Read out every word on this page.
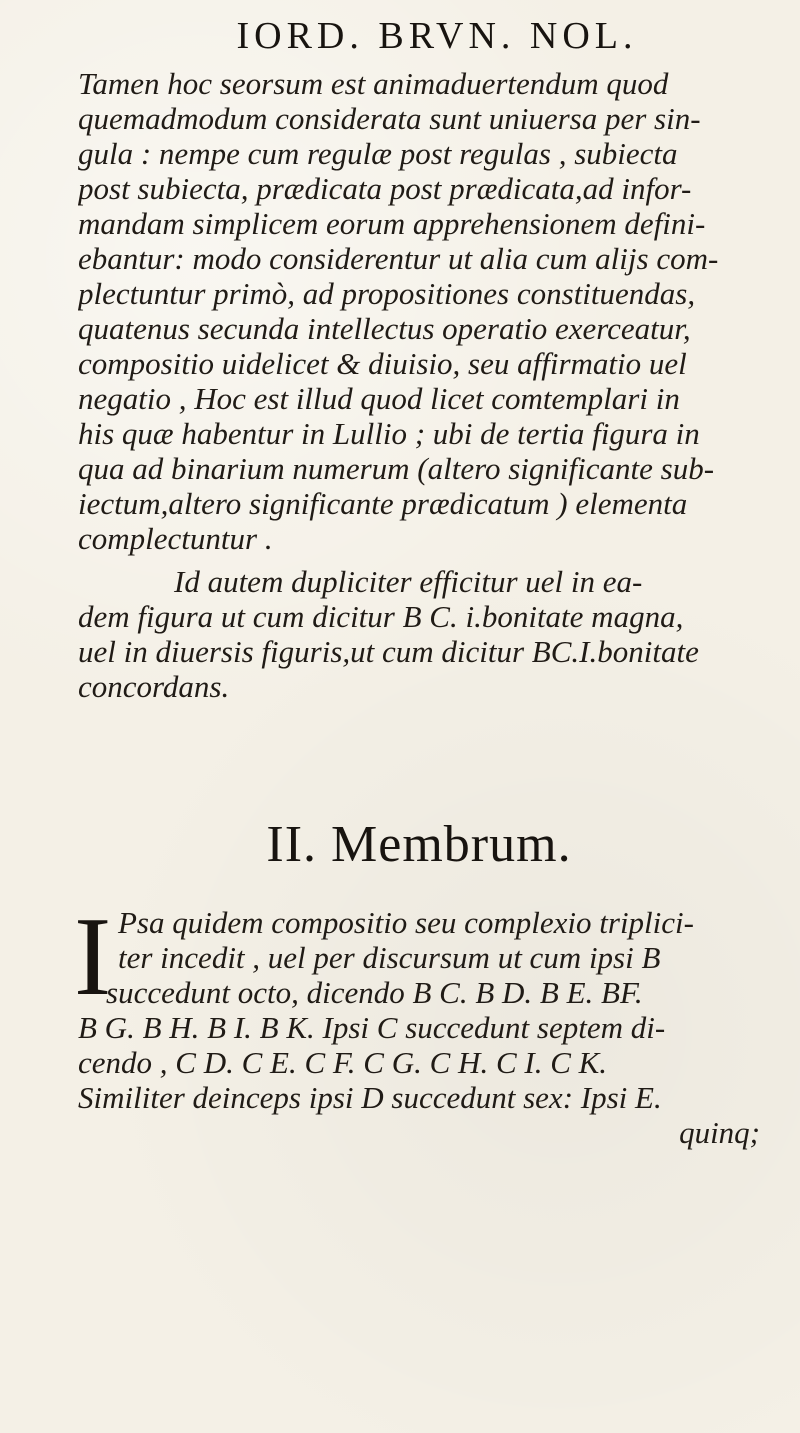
IORD. BRVN. NOL.
Tamen hoc seorsum est animaduertendum quod
quemadmodum considerata sunt uniuersa per sin-
gula : nempe cum regulæ post regulas , subiecta
post subiecta, prædicata post prædicata,ad infor-
mandam simplicem eorum apprehensionem defini-
ebantur: modo considerentur ut alia cum alijs com-
plectuntur primò, ad propositiones constituendas,
quatenus secunda intellectus operatio exerceatur,
compositio uidelicet & diuisio, seu affirmatio uel
negatio , Hoc est illud quod licet comtemplari in
his quæ habentur in Lullio ; ubi de tertia figura in
qua ad binarium numerum (altero significante sub-
iectum,altero significante prædicatum ) elementa
complectuntur .
Id autem dupliciter efficitur uel in ea-
dem figura ut cum dicitur B C. i.bonitate magna,
uel in diuersis figuris,ut cum dicitur BC.I.bonitate
concordans.
II. Membrum.
I Psa quidem compositio seu complexio triplici-
ter incedit , uel per discursum ut cum ipsi B
succedunt octo, dicendo B C. B D. B E. BF.
B G. B H. B I. B K. Ipsi C succedunt septem di-
cendo , C D. C E. C F. C G. C H. C I. C K.
Similiter deinceps ipsi D succedunt sex: Ipsi E.
quinq;
